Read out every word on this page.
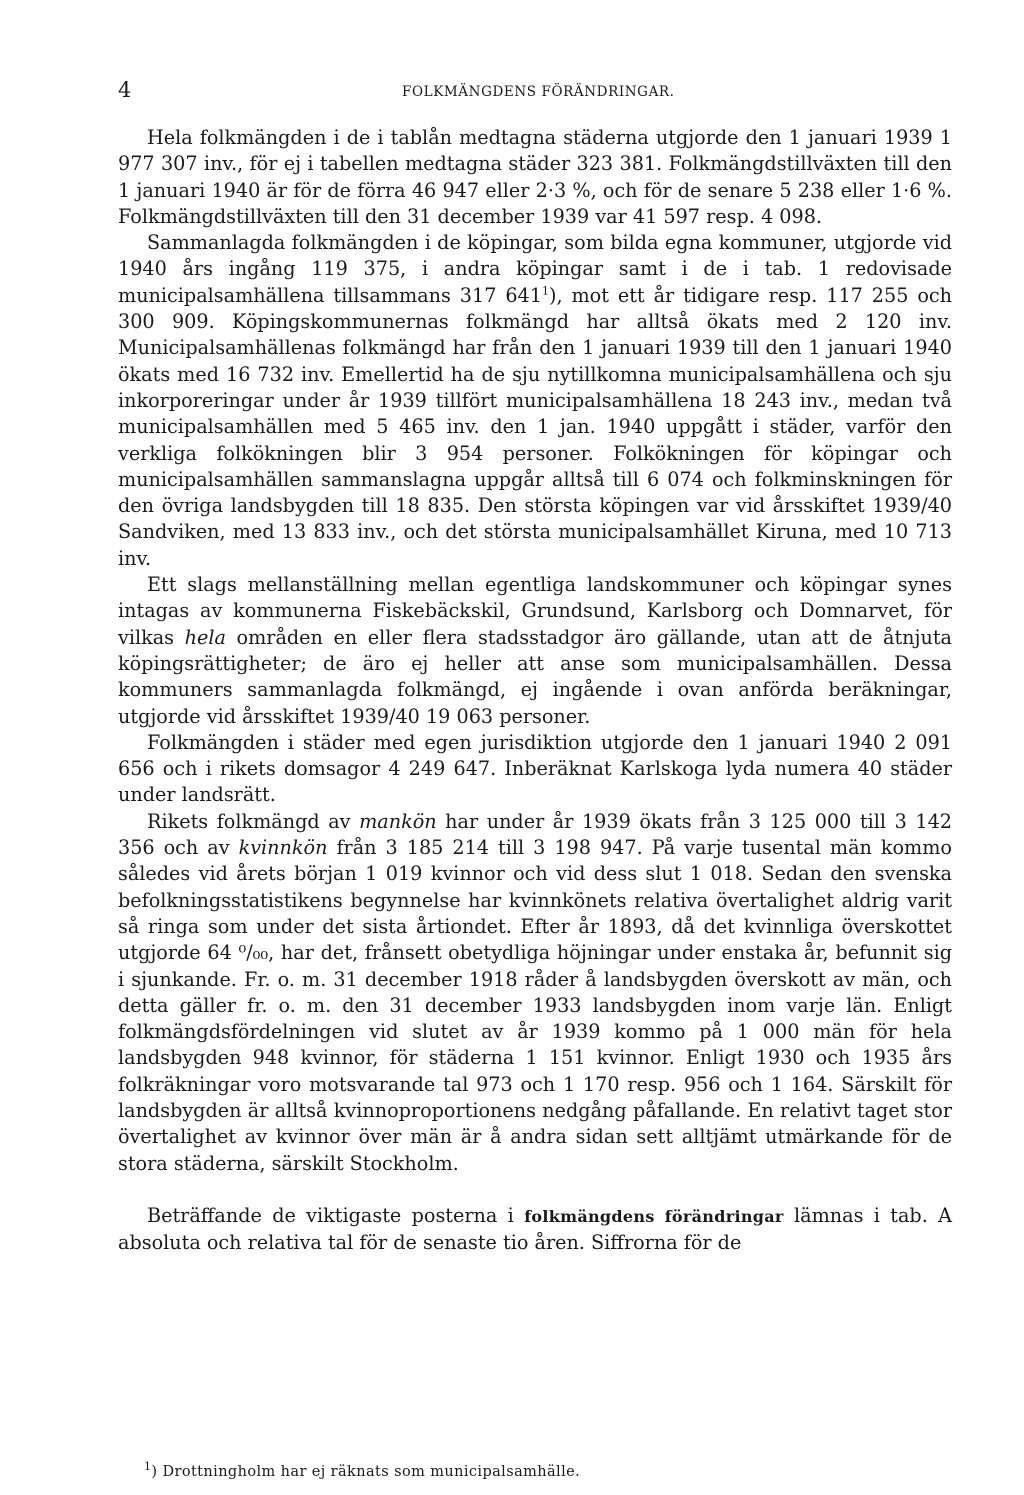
4	FOLKMÄNGDENS FÖRÄNDRINGAR.

Hela folkmängden i de i tablån medtagna städerna utgjorde den 1 januari 1939 1 977 307 inv., för ej i tabellen medtagna städer 323 381. Folkmängdstillväxten till den 1 januari 1940 är för de förra 46 947 eller 2·3 %, och för de senare 5 238 eller 1·6 %. Folkmängdstillväxten till den 31 december 1939 var 41 597 resp. 4 098.

Sammanlagda folkmängden i de köpingar, som bilda egna kommuner, utgjorde vid 1940 års ingång 119 375, i andra köpingar samt i de i tab. 1 redovisade municipalsamhällena tillsammans 317 $641^1$), mot ett år tidigare resp. 117 255 och 300 909. Köpingskommunernas folkmängd har alltså ökats med 2 120 inv. Municipalsamhällenas folkmängd har från den 1 januari 1939 till den 1 januari 1940 ökats med 16 732 inv. Emellertid ha de sju nytillkomna municipalsamhällena och sju inkorporeringar under år 1939 tillfört municipalsamhällena 18 243 inv., medan två municipalsamhällen med 5 465 inv. den 1 jan. 1940 uppgått i städer, varför den verkliga folkökningen blir 3 954 personer. Folkökningen för köpingar och municipalsamhällen sammanslagna uppgår alltså till 6 074 och folkminskningen för den övriga landsbygden till 18 835. Den största köpingen var vid årsskiftet 1939/40 Sandviken, med 13 833 inv., och det största municipalsamhället Kiruna, med 10 713 inv.

Ett slags mellanställning mellan egentliga landskommuner och köpingar synes intagas av kommunerna Fiskebäckskil, Grundsund, Karlsborg och Domnarvet, för vilkas hela områden en eller flera stadsstadgor äro gällande, utan att de åtnjuta köpingsrättigheter; de äro ej heller att anse som municipalsamhällen. Dessa kommuners sammanlagda folkmängd, ej ingående i ovan anförda beräkningar, utgjorde vid årsskiftet 1939/40 19 063 personer.

Folkmängden i städer med egen jurisdiktion utgjorde den 1 januari 1940 2 091 656 och i rikets domsagor 4 249 647. Inberäknat Karlskoga lyda numera 40 städer under landsrätt.

Rikets folkmängd av mankön har under år 1939 ökats från 3 125 000 till 3 142 356 och av kvinnkön från 3 185 214 till 3 198 947. På varje tusental män kommo således vid årets början 1 019 kvinnor och vid dess slut 1 018. Sedan den svenska befolkningsstatistikens begynnelse har kvinnkönets relativa övertalighet aldrig varit så ringa som under det sista årtiondet. Efter år 1893, då det kvinnliga överskottet utgjorde 64 ⁰/₀₀, har det, frånsett obetydliga höjningar under enstaka år, befunnit sig i sjunkande. Fr. o. m. 31 december 1918 råder å landsbygden överskott av män, och detta gäller fr. o. m. den 31 december 1933 landsbygden inom varje län. Enligt folkmängdsfördelningen vid slutet av år 1939 kommo på 1 000 män för hela landsbygden 948 kvinnor, för städerna 1 151 kvinnor. Enligt 1930 och 1935 års folkräkningar voro motsvarande tal 973 och 1 170 resp. 956 och 1 164. Särskilt för landsbygden är alltså kvinnoproportionens nedgång påfallande. En relativt taget stor övertalighet av kvinnor över män är å andra sidan sett alltjämt utmärkande för de stora städerna, särskilt Stockholm.

Beträffande de viktigaste posterna i folkmängdens förändringar lämnas i tab. A absoluta och relativa tal för de senaste tio åren. Siffrorna för de

$^1$) Drottningholm har ej räknats som municipalsamhälle.
